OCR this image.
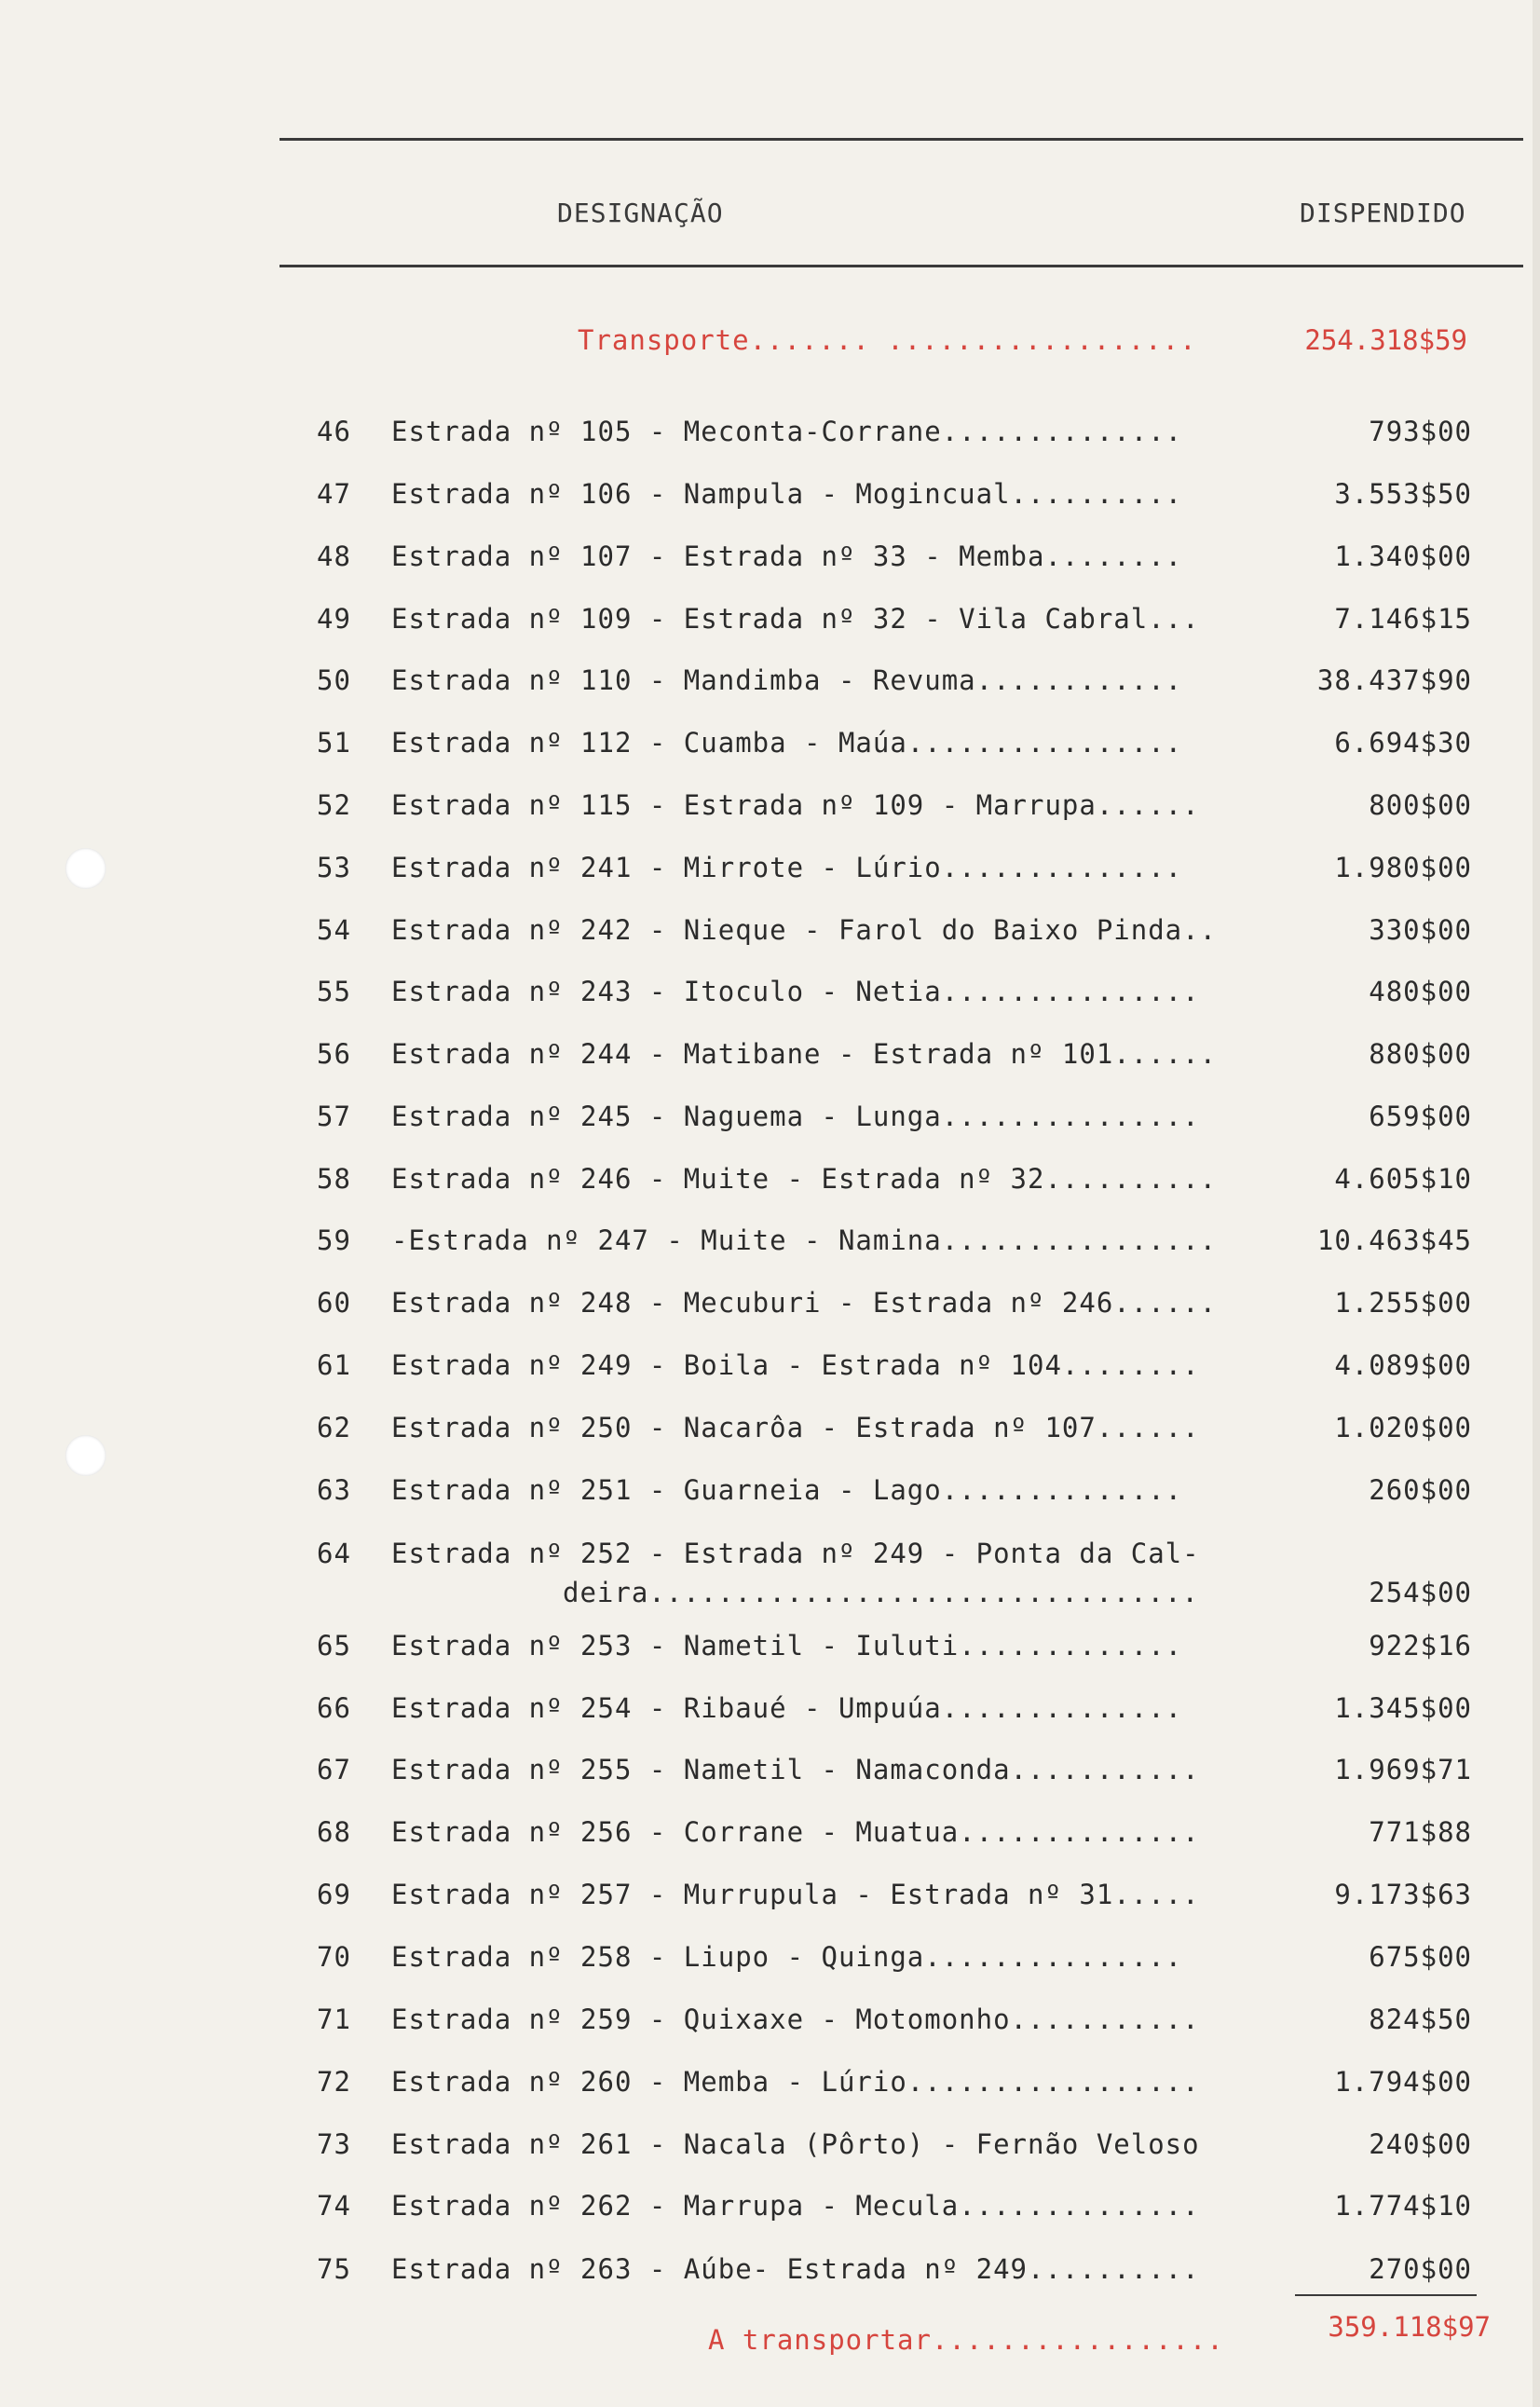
DESIGNAÇÃO	DISPENDIDO
Transporte....... ..................	254.318$59
46	Estrada nº 105 - Meconta-Corrane..............	793$00
47	Estrada nº 106 - Nampula - Mogincual..........	3.553$50
48	Estrada nº 107 - Estrada nº 33 - Memba........	1.340$00
49	Estrada nº 109 - Estrada nº 32 - Vila Cabral...	7.146$15
50	Estrada nº 110 - Mandimba - Revuma............	38.437$90
51	Estrada nº 112 - Cuamba - Maúa................	6.694$30
52	Estrada nº 115 - Estrada nº 109 - Marrupa......	800$00
53	Estrada nº 241 - Mirrote - Lúrio..............	1.980$00
54	Estrada nº 242 - Nieque - Farol do Baixo Pinda..	330$00
55	Estrada nº 243 - Itoculo - Netia...............	480$00
56	Estrada nº 244 - Matibane - Estrada nº 101......	880$00
57	Estrada nº 245 - Naguema - Lunga...............	659$00
58	Estrada nº 246 - Muite - Estrada nº 32..........	4.605$10
59	-Estrada nº 247 - Muite - Namina................	10.463$45
60	Estrada nº 248 - Mecuburi - Estrada nº 246......	1.255$00
61	Estrada nº 249 - Boila - Estrada nº 104........	4.089$00
62	Estrada nº 250 - Nacarôa - Estrada nº 107......	1.020$00
63	Estrada nº 251 - Guarneia - Lago..............	260$00
64	Estrada nº 252 - Estrada nº 249 - Ponta da Cal-
deira................................	254$00
65	Estrada nº 253 - Nametil - Iuluti.............	922$16
66	Estrada nº 254 - Ribaué - Umpuúa..............	1.345$00
67	Estrada nº 255 - Nametil - Namaconda...........	1.969$71
68	Estrada nº 256 - Corrane - Muatua..............	771$88
69	Estrada nº 257 - Murrupula - Estrada nº 31.....	9.173$63
70	Estrada nº 258 - Liupo - Quinga...............	675$00
71	Estrada nº 259 - Quixaxe - Motomonho...........	824$50
72	Estrada nº 260 - Memba - Lúrio.................	1.794$00
73	Estrada nº 261 - Nacala (Pôrto) - Fernão Veloso	240$00
74	Estrada nº 262 - Marrupa - Mecula..............	1.774$10
75	Estrada nº 263 - Aúbe- Estrada nº 249..........	270$00
A transportar.................	359.118$97
